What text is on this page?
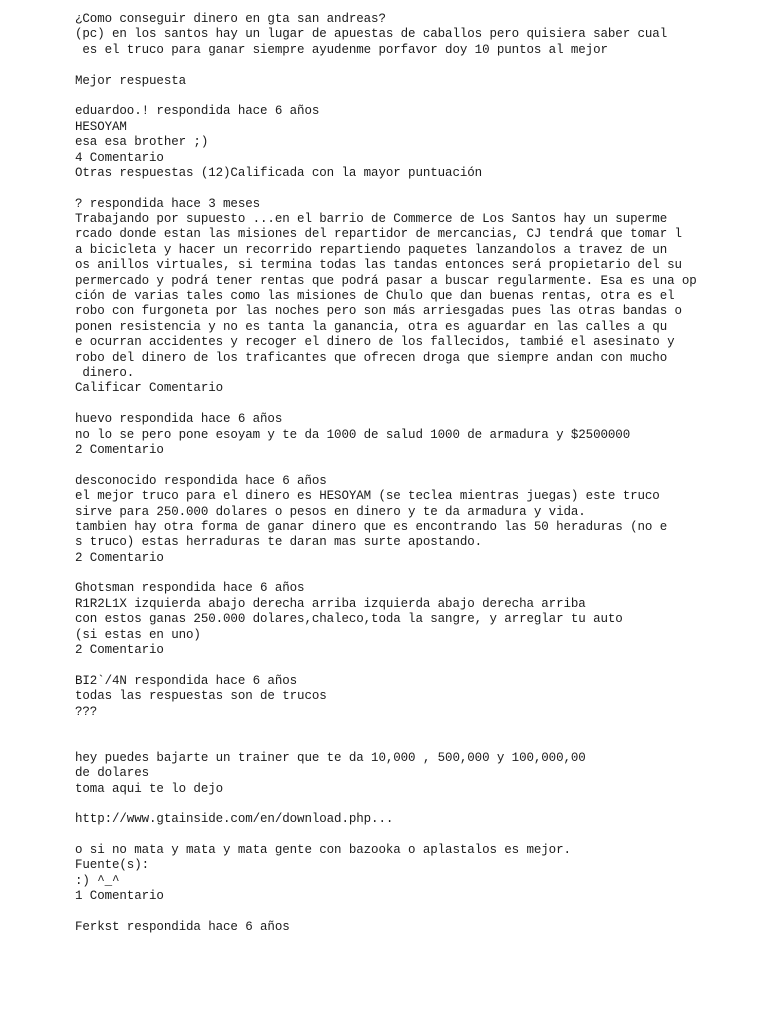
¿Como conseguir dinero en gta san andreas?
(pc) en los santos hay un lugar de apuestas de caballos pero quisiera saber cual
es el truco para ganar siempre ayudenme porfavor doy 10 puntos al mejor
Mejor respuesta
eduardoo.! respondida hace 6 años
HESOYAM
esa esa brother ;)
4 Comentario
Otras respuestas (12)Calificada con la mayor puntuación
? respondida hace 3 meses
Trabajando por supuesto ...en el barrio de Commerce de Los Santos hay un superme
rcado donde estan las misiones del repartidor de mercancias, CJ tendrá que tomar l
a bicicleta y hacer un recorrido repartiendo paquetes lanzandolos a travez de un
os anillos virtuales, si termina todas las tandas entonces será propietario del su
permercado y podrá tener rentas que podrá pasar a buscar regularmente. Esa es una op
ción de varias tales como las misiones de Chulo que dan buenas rentas, otra es el
robo con furgoneta por las noches pero son más arriesgadas pues las otras bandas o
ponen resistencia y no es tanta la ganancia, otra es aguardar en las calles a qu
e ocurran accidentes y recoger el dinero de los fallecidos, tambié el asesinato y
robo del dinero de los traficantes que ofrecen droga que siempre andan con mucho
dinero.
Calificar Comentario
huevo respondida hace 6 años
no lo se pero pone esoyam y te da 1000 de salud 1000 de armadura y $2500000
2 Comentario
desconocido respondida hace 6 años
el mejor truco para el dinero es HESOYAM (se teclea mientras juegas) este truco
sirve para 250.000 dolares o pesos en dinero y te da armadura y vida.
tambien hay otra forma de ganar dinero que es encontrando las 50 heraduras (no e
s truco) estas herraduras te daran mas surte apostando.
2 Comentario
Ghotsman respondida hace 6 años
R1R2L1X izquierda abajo derecha arriba izquierda abajo derecha arriba
con estos ganas 250.000 dolares,chaleco,toda la sangre, y arreglar tu auto
(si estas en uno)
2 Comentario
BI2`/4N respondida hace 6 años
todas las respuestas son de trucos
???
hey puedes bajarte un trainer que te da 10,000 , 500,000 y 100,000,00
de dolares
toma aqui te lo dejo
http://www.gtainside.com/en/download.php...
o si no mata y mata y mata gente con bazooka o aplastalos es mejor.
Fuente(s):
:) ^_^
1 Comentario
Ferkst respondida hace 6 años
